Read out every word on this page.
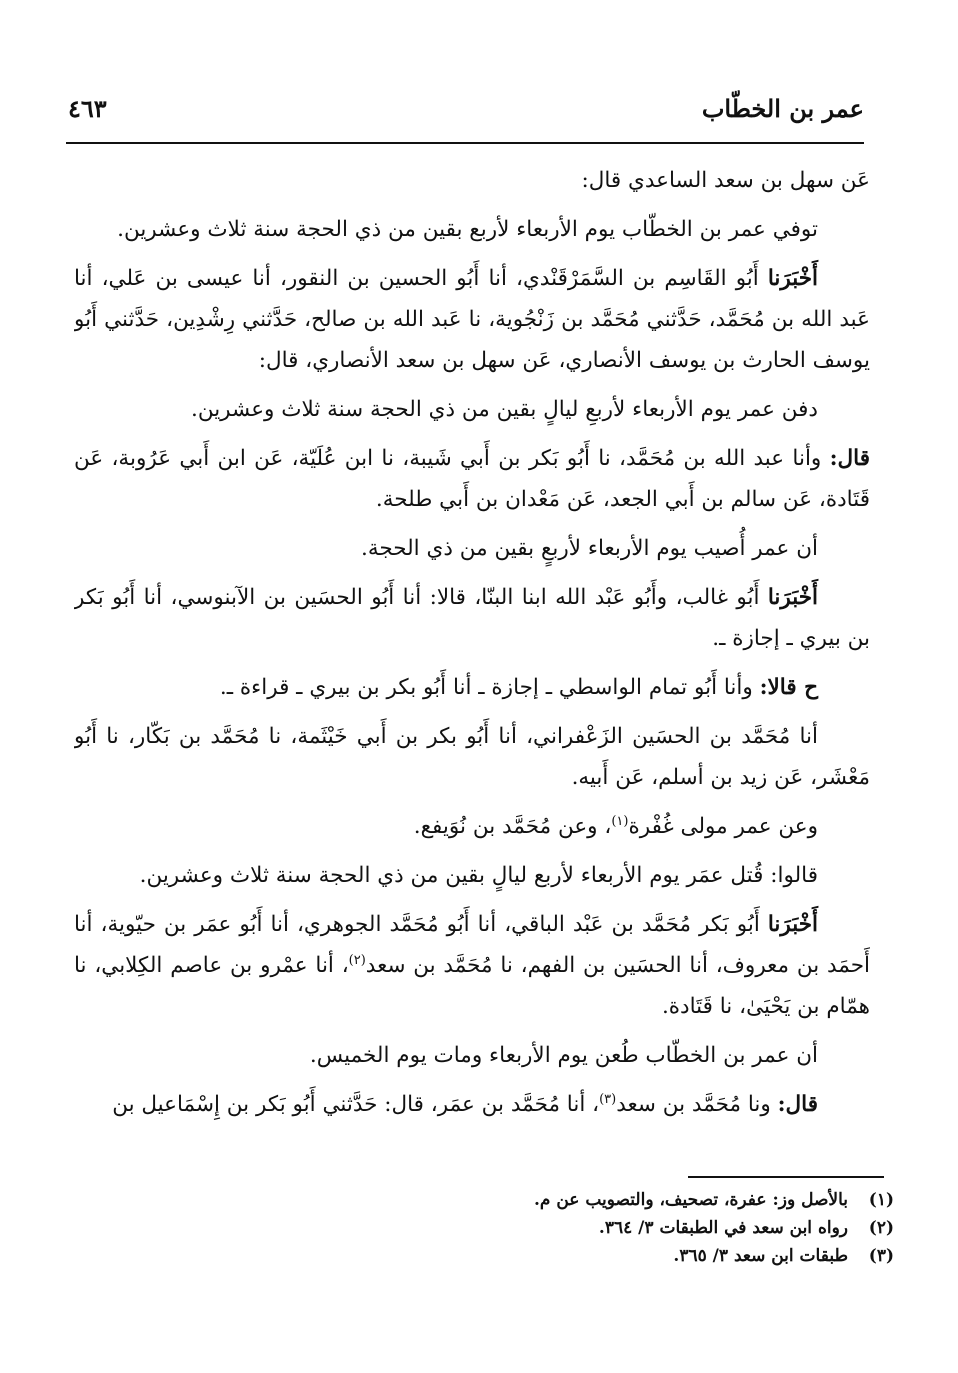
عمر بن الخطّاب
٤٦٣

عَن سهل بن سعد الساعدي قال:

توفي عمر بن الخطّاب يوم الأربعاء لأربع بقين من ذي الحجة سنة ثلاث وعشرين.

أَخْبَرَنا أَبُو القَاسِم بن السَّمَرْقَنْدي، أنا أَبُو الحسين بن النقور، أنا عيسى بن عَلي، أنا عَبد الله بن مُحَمَّد، حَدَّثني مُحَمَّد بن زَنْجُوية، نا عَبد الله بن صالح، حَدَّثني رِشْدِين، حَدَّثني أَبُو يوسف الحارث بن يوسف الأنصاري، عَن سهل بن سعد الأنصاري، قال:

دفن عمر يوم الأربعاء لأربعِ ليالٍ بقين من ذي الحجة سنة ثلاث وعشرين.

قال: وأنا عبد الله بن مُحَمَّد، نا أَبُو بَكر بن أَبي شَيبة، نا ابن عُلَيّة، عَن ابن أَبي عَرُوبة، عَن قَتَادة، عَن سالم بن أَبي الجعد، عَن مَعْدان بن أَبي طلحة.

أن عمر أُصيب يوم الأربعاء لأربعٍ بقين من ذي الحجة.

أَخْبَرَنا أَبُو غالب، وأَبُو عَبْد الله ابنا البنّا، قالا: أنا أَبُو الحسَين بن الآبنوسي، أنا أَبُو بَكر بن بيري ـ إجازة ـ.

ح قالا: وأنا أَبُو تمام الواسطي ـ إجازة ـ أنا أَبُو بكر بن بيري ـ قراءة ـ.

أنا مُحَمَّد بن الحسَين الزَعْفراني، أنا أَبُو بكر بن أَبي خَيْثَمة، نا مُحَمَّد بن بَكّار، نا أَبُو مَعْشَر، عَن زيد بن أسلم، عَن أَبيه.

وعن عمر مولى غُفْرة$^{(١)}$، وعن مُحَمَّد بن نُوَيفع.

قالوا: قُتل عمَر يوم الأربعاء لأربع ليالٍ بقين من ذي الحجة سنة ثلاث وعشرين.

أَخْبَرَنا أَبُو بَكر مُحَمَّد بن عَبْد الباقي، أنا أَبُو مُحَمَّد الجوهري، أنا أَبُو عمَر بن حيّوية، أنا أَحمَد بن معروف، أنا الحسَين بن الفهم، نا مُحَمَّد بن سعد$^{(٢)}$، أنا عمْرو بن عاصم الكِلابي، نا همّام بن يَحْيَىٰ، نا قَتَادة.

أن عمر بن الخطّاب طُعن يوم الأربعاء ومات يوم الخميس.

قال: ونا مُحَمَّد بن سعد$^{(٣)}$، أنا مُحَمَّد بن عمَر، قال: حَدَّثني أَبُو بَكر بن إِسْمَاعيل بن

(١)
بالأصل وز: عفرة، تصحيف، والتصويب عن م.
(٢)
رواه ابن سعد في الطبقات ٣/ ٣٦٤.
(٣)
طبقات ابن سعد ٣/ ٣٦٥.
